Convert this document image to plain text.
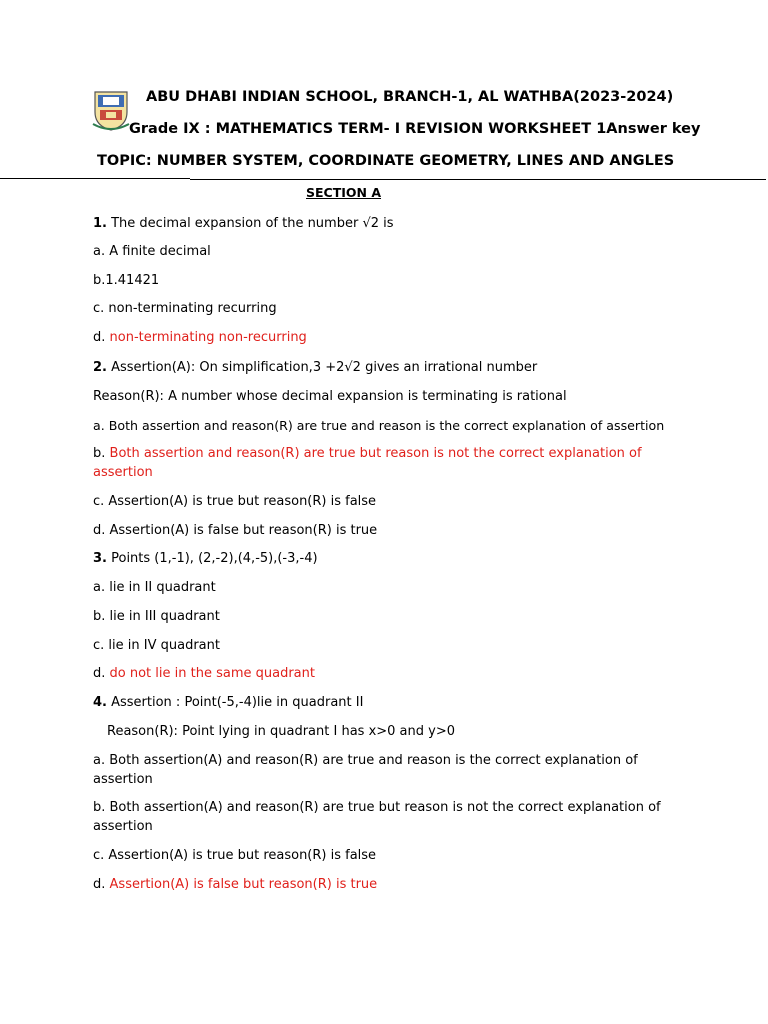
ABU DHABI INDIAN SCHOOL, BRANCH-1, AL WATHBA(2023-2024)
Grade IX : MATHEMATICS TERM- I REVISION WORKSHEET 1Answer key
TOPIC: NUMBER SYSTEM, COORDINATE GEOMETRY, LINES AND ANGLES
SECTION A
1. The decimal expansion of the number √2 is
a. A finite decimal
b.1.41421
c. non-terminating recurring
d. non-terminating non-recurring
2. Assertion(A): On simplification,3 +2√2 gives an irrational number
Reason(R): A number whose decimal expansion is terminating is rational
a. Both assertion and reason(R) are true and reason is the correct explanation of assertion
b. Both assertion and reason(R) are true but reason is not the correct explanation of assertion
c. Assertion(A) is true but reason(R) is false
d. Assertion(A) is false but reason(R) is true
3. Points (1,-1), (2,-2),(4,-5),(-3,-4)
a. lie in II quadrant
b. lie in III quadrant
c. lie in IV quadrant
d. do not lie in the same quadrant
4. Assertion : Point(-5,-4)lie in quadrant II
Reason(R): Point lying in quadrant I has x>0 and y>0
a. Both assertion(A) and reason(R) are true and reason is the correct explanation of assertion
b. Both assertion(A) and reason(R) are true but reason is not the correct explanation of assertion
c. Assertion(A) is true but reason(R) is false
d. Assertion(A) is false but reason(R) is true
